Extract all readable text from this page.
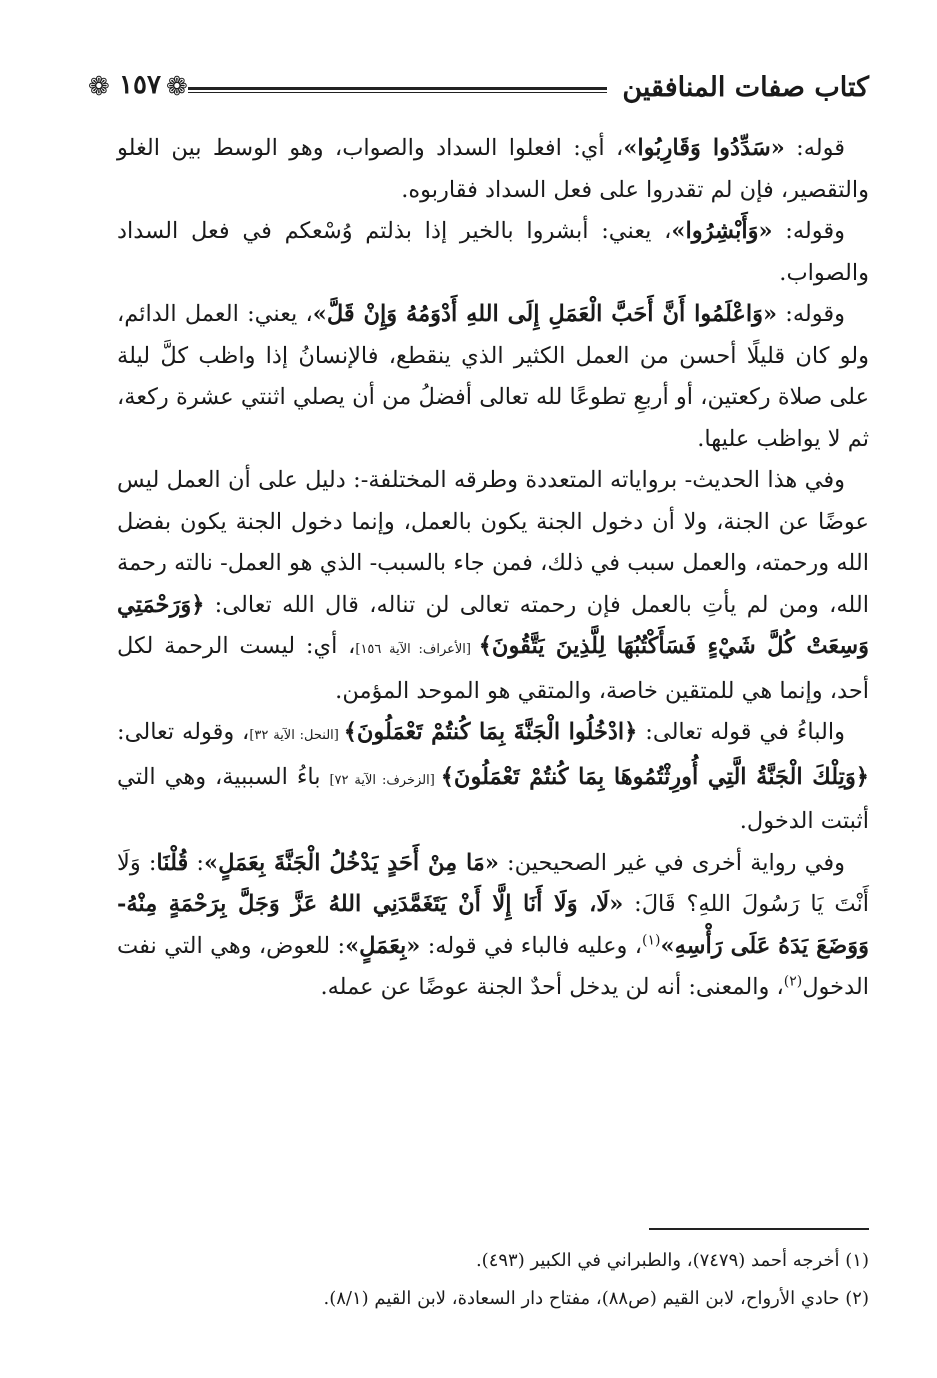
كتاب صفات المنافقين
❁ ١٥٧ ❁

قوله: «سَدِّدُوا وَقَارِبُوا»، أي: افعلوا السداد والصواب، وهو الوسط بين الغلو والتقصير، فإن لم تقدروا على فعل السداد فقاربوه.

وقوله: «وَأَبْشِرُوا»، يعني: أبشروا بالخير إذا بذلتم وُسْعكم في فعل السداد والصواب.

وقوله: «وَاعْلَمُوا أَنَّ أَحَبَّ الْعَمَلِ إِلَى اللهِ أَدْوَمُهُ وَإِنْ قَلَّ»، يعني: العمل الدائم، ولو كان قليلًا أحسن من العمل الكثير الذي ينقطع، فالإنسانُ إذا واظب كلَّ ليلة على صلاة ركعتين، أو أربعِ تطوعًا لله تعالى أفضلُ من أن يصلي اثنتي عشرة ركعة، ثم لا يواظب عليها.

وفي هذا الحديث- برواياته المتعددة وطرقه المختلفة-: دليل على أن العمل ليس عوضًا عن الجنة، ولا أن دخول الجنة يكون بالعمل، وإنما دخول الجنة يكون بفضل الله ورحمته، والعمل سبب في ذلك، فمن جاء بالسبب- الذي هو العمل- نالته رحمة الله، ومن لم يأتِ بالعمل فإن رحمته تعالى لن تناله، قال الله تعالى: ﴿وَرَحْمَتِي وَسِعَتْ كُلَّ شَيْءٍ فَسَأَكْتُبُهَا لِلَّذِينَ يَتَّقُونَ﴾ [الأعراف: الآية ١٥٦]، أي: ليست الرحمة لكل أحد، وإنما هي للمتقين خاصة، والمتقي هو الموحد المؤمن.

والباءُ في قوله تعالى: ﴿ادْخُلُوا الْجَنَّةَ بِمَا كُنتُمْ تَعْمَلُونَ﴾ [النحل: الآية ٣٢]، وقوله تعالى: ﴿وَتِلْكَ الْجَنَّةُ الَّتِي أُورِثْتُمُوهَا بِمَا كُنتُمْ تَعْمَلُونَ﴾ [الزخرف: الآية ٧٢] باءُ السببية، وهي التي أثبتت الدخول.

وفي رواية أخرى في غير الصحيحين: «مَا مِنْ أَحَدٍ يَدْخُلُ الْجَنَّةَ بِعَمَلٍ»: قُلْنَا: وَلَا أَنْتَ يَا رَسُولَ اللهِ؟ قَالَ: «لَا، وَلَا أَنَا إِلَّا أَنْ يَتَغَمَّدَنِي اللهُ عَزَّ وَجَلَّ بِرَحْمَةٍ مِنْهُ- وَوَضَعَ يَدَهُ عَلَى رَأْسِهِ»$^{(١)}$، وعليه فالباء في قوله: «بِعَمَلٍ»: للعوض، وهي التي نفت الدخول$^{(٢)}$، والمعنى: أنه لن يدخل أحدٌ الجنة عوضًا عن عمله.

(١) أخرجه أحمد (٧٤٧٩)، والطبراني في الكبير (٤٩٣).

(٢) حادي الأرواح، لابن القيم (ص٨٨)، مفتاح دار السعادة، لابن القيم (٨/١).
